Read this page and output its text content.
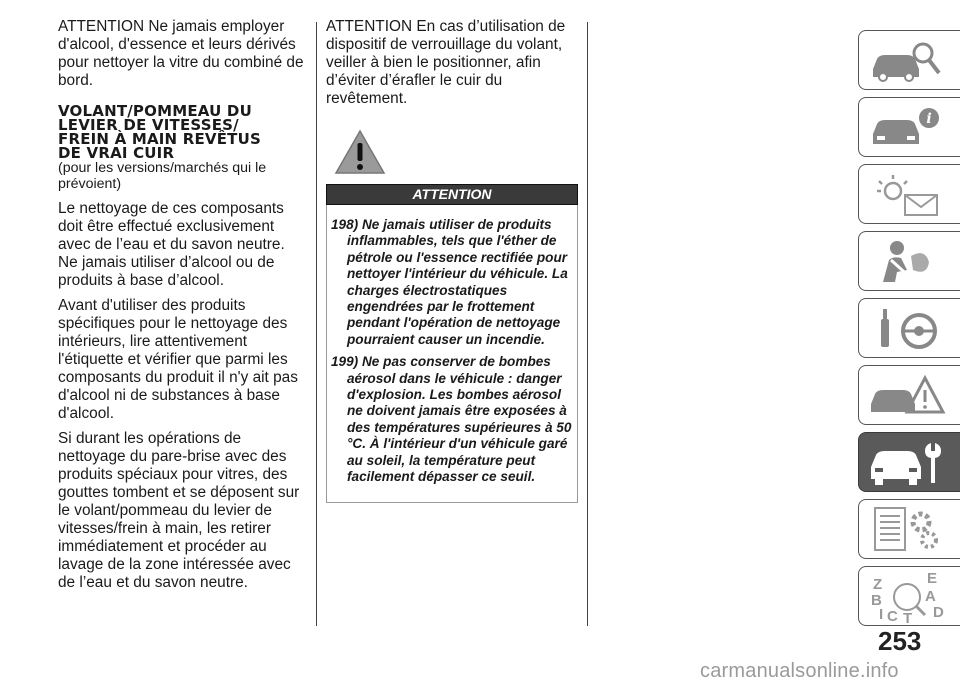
ATTENTION Ne jamais employer d'alcool, d'essence et leurs dérivés pour nettoyer la vitre du combiné de bord.

VOLANT/POMMEAU DU
LEVIER DE VITESSES/
FREIN À MAIN REVÊTUS
DE VRAI CUIR
(pour les versions/marchés qui le prévoient)

Le nettoyage de ces composants doit être effectué exclusivement avec de l’eau et du savon neutre. Ne jamais utiliser d’alcool ou de produits à base d’alcool.

Avant d'utiliser des produits spécifiques pour le nettoyage des intérieurs, lire attentivement l'étiquette et vérifier que parmi les composants du produit il n'y ait pas d'alcool ni de substances à base d'alcool.

Si durant les opérations de nettoyage du pare-brise avec des produits spéciaux pour vitres, des gouttes tombent et se déposent sur le volant/pommeau du levier de vitesses/frein à main, les retirer immédiatement et procéder au lavage de la zone intéressée avec de l’eau et du savon neutre.

ATTENTION En cas d’utilisation de dispositif de verrouillage du volant, veiller à bien le positionner, afin d’éviter d’érafler le cuir du revêtement.

ATTENTION
198) Ne jamais utiliser de produits inflammables, tels que l'éther de pétrole ou l'essence rectifiée pour nettoyer l'intérieur du véhicule. La charges électrostatiques engendrées par le frottement pendant l'opération de nettoyage pourraient causer un incendie.
199) Ne pas conserver de bombes aérosol dans le véhicule : danger d'explosion. Les bombes aérosol ne doivent jamais être exposées à des températures supérieures à 50 °C. À l'intérieur d'un véhicule garé au soleil, la température peut facilement dépasser ce seuil.
i
Z	E
A
B
C T D
I
253
carmanualsonline.info
